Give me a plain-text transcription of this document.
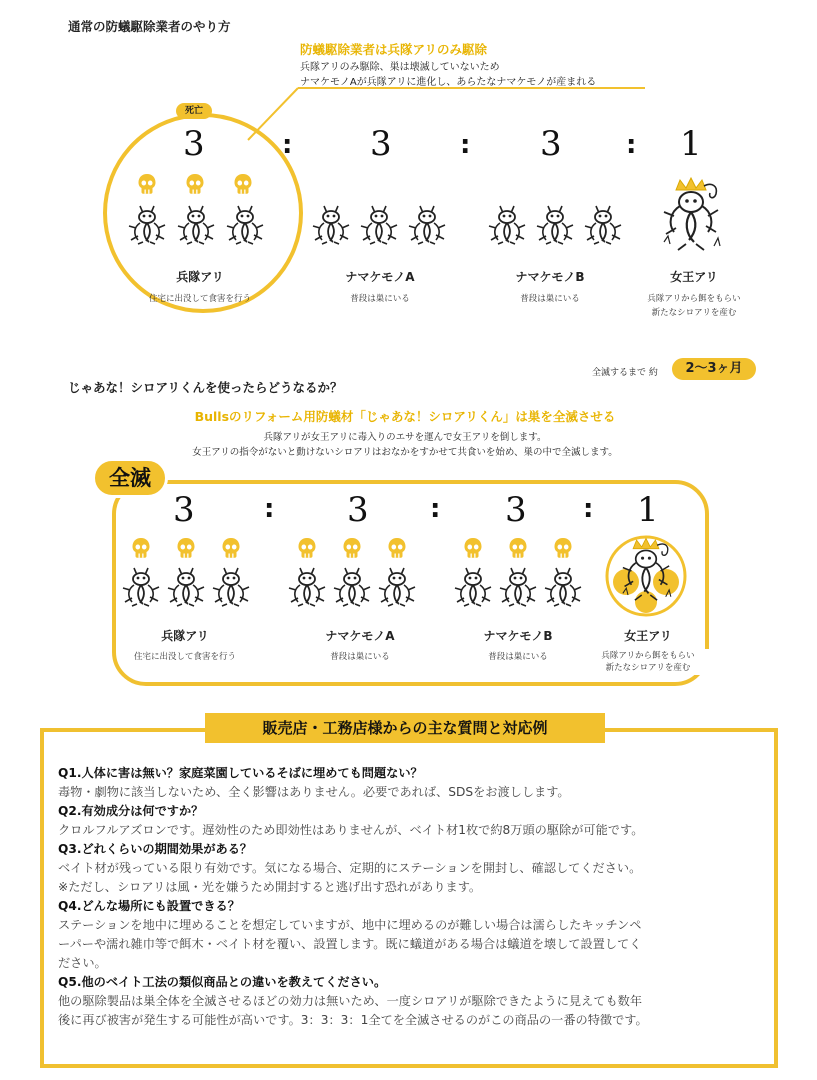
通常の防蟻駆除業者のやり方
防蟻駆除業者は兵隊アリのみ駆除
兵隊アリのみ駆除、巣は壊滅していないため
ナマケモノAが兵隊アリに進化し、あらたなナマケモノが産まれる
死亡
3	: 3	: 3 : 1
兵隊アリ
住宅に出没して食害を行う
ナマケモノA
普段は巣にいる
ナマケモノB
普段は巣にいる
女王アリ
兵隊アリから餌をもらい
新たなシロアリを産む
全滅するまで 約	2〜3ヶ月
じゃあな！シロアリくんを使ったらどうなるか？
Bullsのリフォーム用防蟻材「じゃあな！シロアリくん」は巣を全滅させる
兵隊アリが女王アリに毒入りのエサを運んで女王アリを倒します。
女王アリの指令がないと動けないシロアリはおなかをすかせて共食いを始め、巣の中で全滅します。
全滅
3	: 3 : 3 : 1
兵隊アリ
住宅に出没して食害を行う
ナマケモノA
普段は巣にいる
ナマケモノB
普段は巣にいる
女王アリ
兵隊アリから餌をもらい
新たなシロアリを産む
販売店・工務店様からの主な質問と対応例

Q1.人体に害は無い？家庭菜園しているそばに埋めても問題ない？

毒物・劇物に該当しないため、全く影響はありません。必要であれば、SDSをお渡しします。

Q2.有効成分は何ですか？

クロルフルアズロンです。遅効性のため即効性はありませんが、ベイト材1枚で約8万頭の駆除が可能です。

Q3.どれくらいの期間効果がある？

ベイト材が残っている限り有効です。気になる場合、定期的にステーションを開封し、確認してください。

※ただし、シロアリは風・光を嫌うため開封すると逃げ出す恐れがあります。

Q4.どんな場所にも設置できる？

ステーションを地中に埋めることを想定していますが、地中に埋めるのが難しい場合は濡らしたキッチンペ

ーパーや濡れ雑巾等で餌木・ベイト材を覆い、設置します。既に蟻道がある場合は蟻道を壊して設置してく

ださい。

Q5.他のベイト工法の類似商品との違いを教えてください。

他の駆除製品は巣全体を全滅させるほどの効力は無いため、一度シロアリが駆除できたように見えても数年

後に再び被害が発生する可能性が高いです。3：3：3：1全てを全滅させるのがこの商品の一番の特徴です。
